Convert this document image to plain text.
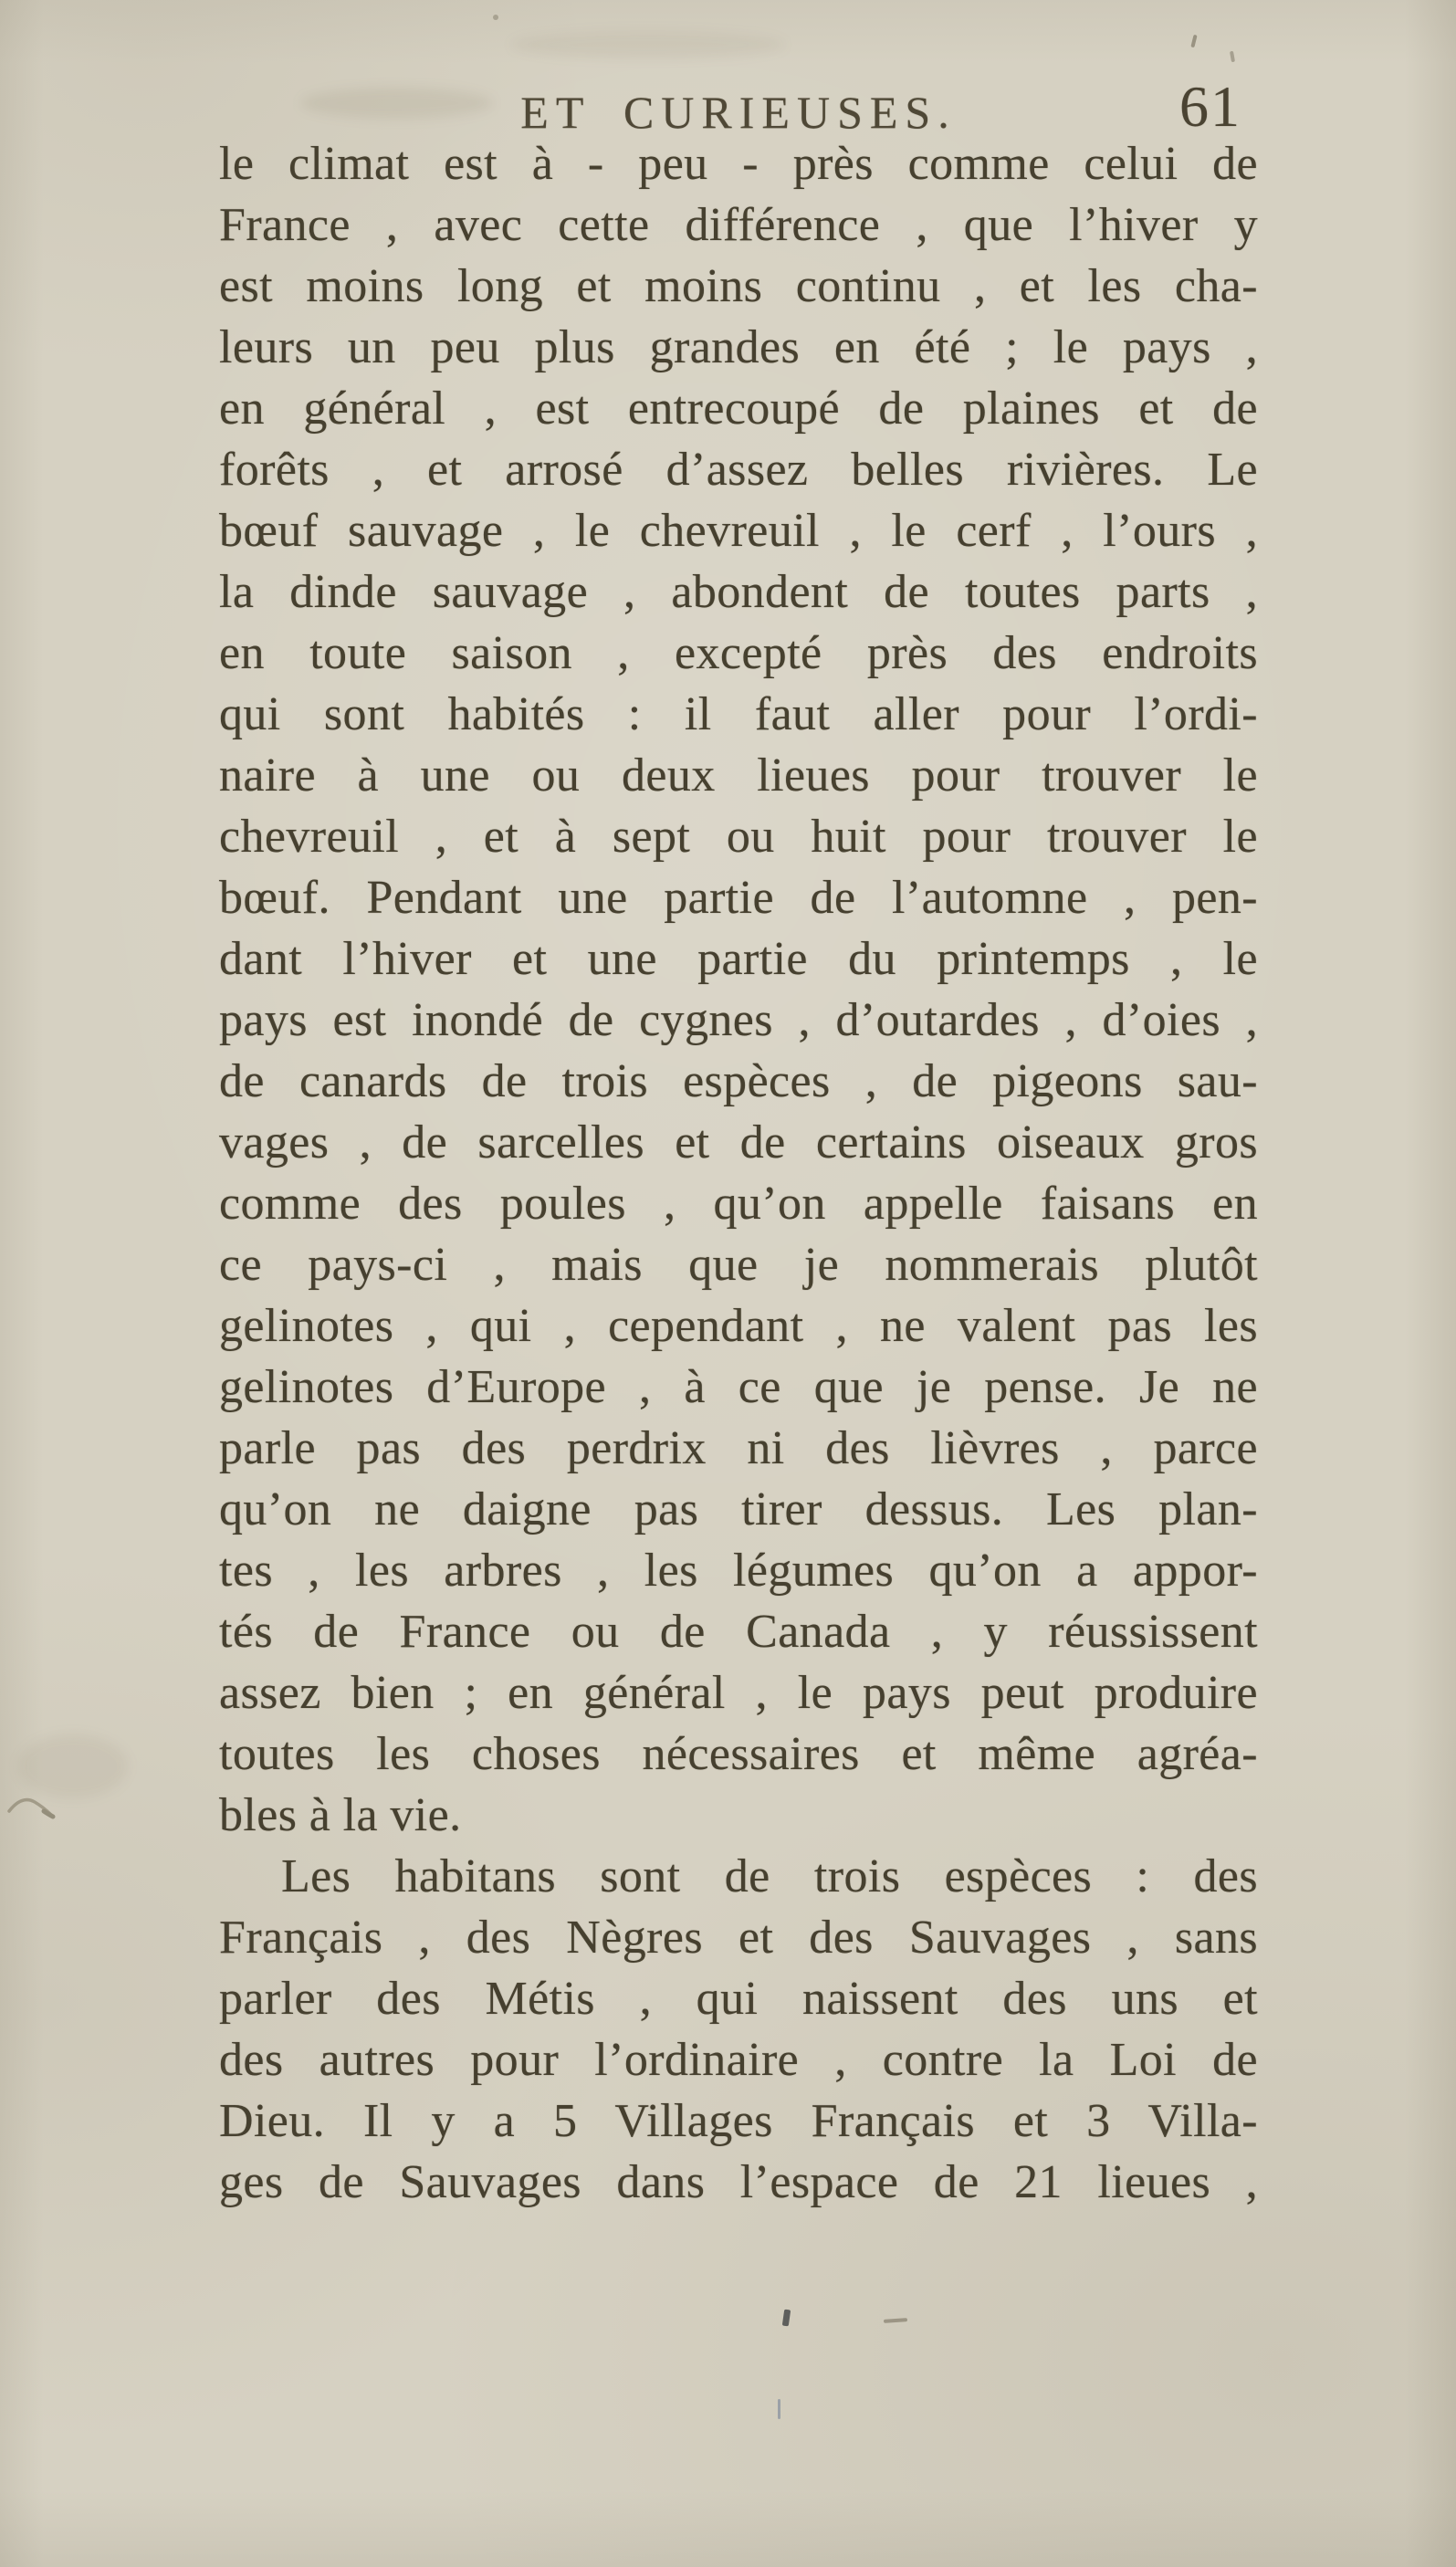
ET CURIEUSES.	61
le climat est à - peu - près comme celui de
France , avec cette différence , que l’hiver y
est moins long et moins continu , et les cha-
leurs un peu plus grandes en été ; le pays ,
en général , est entrecoupé de plaines et de
forêts , et arrosé d’assez belles rivières. Le
bœuf sauvage , le chevreuil , le cerf , l’ours ,
la dinde sauvage , abondent de toutes parts ,
en toute saison , excepté près des endroits
qui sont habités : il faut aller pour l’ordi-
naire à une ou deux lieues pour trouver le
chevreuil , et à sept ou huit pour trouver le
bœuf. Pendant une partie de l’automne , pen-
dant l’hiver et une partie du printemps , le
pays est inondé de cygnes , d’outardes , d’oies ,
de canards de trois espèces , de pigeons sau-
vages , de sarcelles et de certains oiseaux gros
comme des poules , qu’on appelle faisans en
ce pays-ci , mais que je nommerais plutôt
gelinotes , qui , cependant , ne valent pas les
gelinotes d’Europe , à ce que je pense. Je ne
parle pas des perdrix ni des lièvres , parce
qu’on ne daigne pas tirer dessus. Les plan-
tes , les arbres , les légumes qu’on a appor-
tés de France ou de Canada , y réussissent
assez bien ; en général , le pays peut produire
toutes les choses nécessaires et même agréa-
bles à la vie.
Les habitans sont de trois espèces : des
Français , des Nègres et des Sauvages , sans
parler des Métis , qui naissent des uns et
des autres pour l’ordinaire , contre la Loi de
Dieu. Il y a 5 Villages Français et 3 Villa-
ges de Sauvages dans l’espace de 21 lieues ,
